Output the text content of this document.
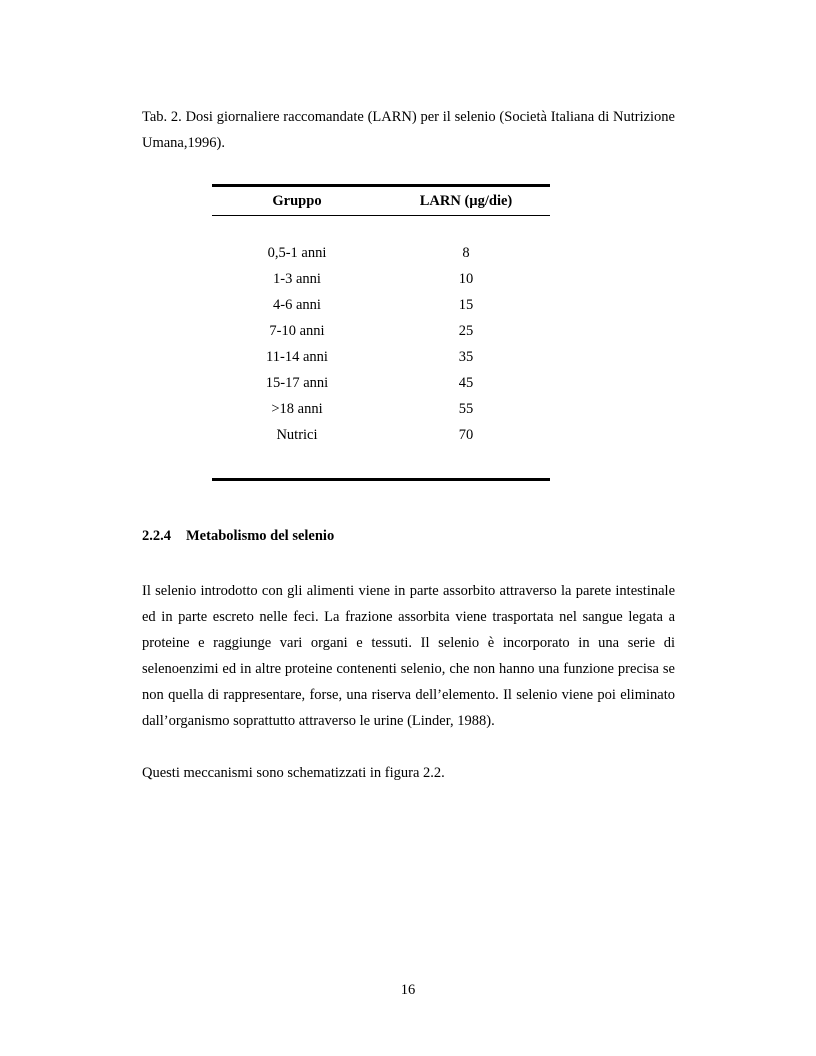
Tab. 2. Dosi giornaliere raccomandate (LARN) per il selenio (Società Italiana di Nutrizione Umana,1996).

Gruppo	LARN (µg/die)
0,5-1 anni	8
1-3 anni	10
4-6 anni	15
7-10 anni	25
11-14 anni	35
15-17 anni	45
>18 anni	55
Nutrici	70
2.2.4 Metabolismo del selenio

Il selenio introdotto con gli alimenti viene in parte assorbito attraverso la parete intestinale ed in parte escreto nelle feci. La frazione assorbita viene trasportata nel sangue legata a proteine e raggiunge vari organi e tessuti. Il selenio è incorporato in una serie di selenoenzimi ed in altre proteine contenenti selenio, che non hanno una funzione precisa se non quella di rappresentare, forse, una riserva dell’elemento. Il selenio viene poi eliminato dall’organismo soprattutto attraverso le urine (Linder, 1988).

Questi meccanismi sono schematizzati in figura 2.2.

16
